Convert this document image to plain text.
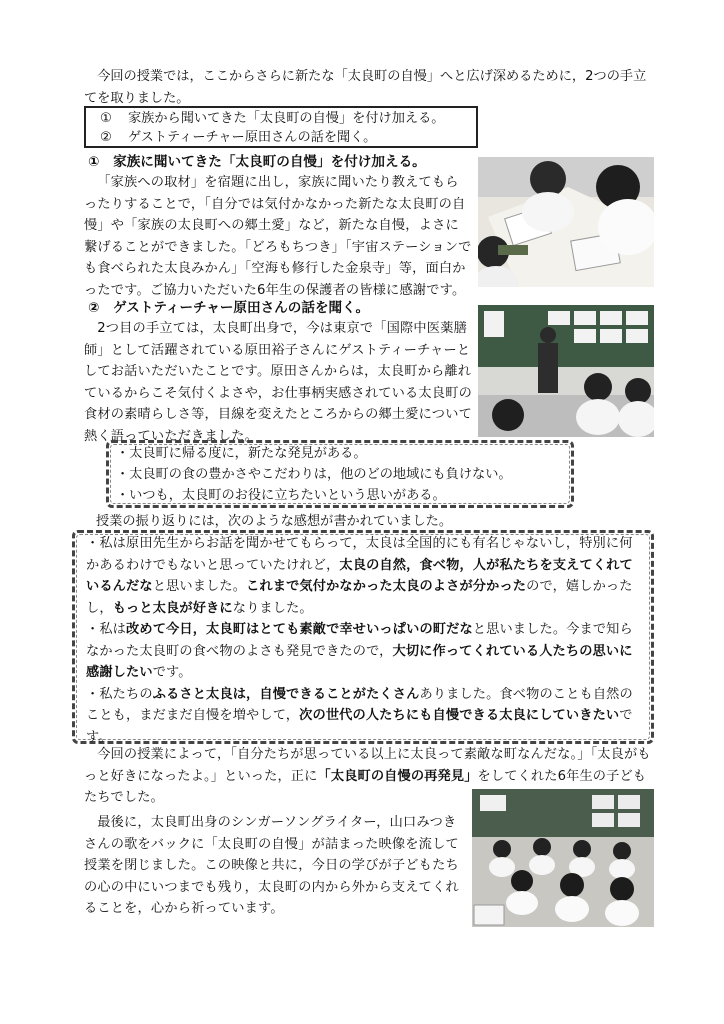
今回の授業では，ここからさらに新たな「太良町の自慢」へと広げ深めるために，2つの手立てを取りました。

① 家族から聞いてきた「太良町の自慢」を付け加える。
② ゲストティーチャー原田さんの話を聞く。
①　家族に聞いてきた「太良町の自慢」を付け加える。

「家族への取材」を宿題に出し，家族に聞いたり教えてもらったりすることで，「自分では気付かなかった新たな太良町の自慢」や「家族の太良町への郷土愛」など，新たな自慢，よさに繋げることができました。「どろもちつき」「宇宙ステーションでも食べられた太良みかん」「空海も修行した金泉寺」等，面白かったです。ご協力いただいた6年生の保護者の皆様に感謝です。

②　ゲストティーチャー原田さんの話を聞く。

2つ目の手立ては，太良町出身で，今は東京で「国際中医薬膳師」として活躍されている原田裕子さんにゲストティーチャーとしてお話いただいたことです。原田さんからは，太良町から離れているからこそ気付くよさや，お仕事柄実感されている太良町の食材の素晴らしさ等，目線を変えたところからの郷土愛について熱く語っていただきました。

・太良町に帰る度に，新たな発見がある。

・太良町の食の豊かさやこだわりは，他のどの地域にも負けない。

・いつも，太良町のお役に立ちたいという思いがある。

授業の振り返りには，次のような感想が書かれていました。

・私は原田先生からお話を聞かせてもらって，太良は全国的にも有名じゃないし，特別に何かあるわけでもないと思っていたけれど，太良の自然，食べ物，人が私たちを支えてくれているんだなと思いました。これまで気付かなかった太良のよさが分かったので，嬉しかったし，もっと太良が好きになりました。

・私は改めて今日，太良町はとても素敵で幸せいっぱいの町だなと思いました。今まで知らなかった太良町の食べ物のよさも発見できたので，大切に作ってくれている人たちの思いに感謝したいです。

・私たちのふるさと太良は，自慢できることがたくさんありました。食べ物のことも自然のことも，まだまだ自慢を増やして，次の世代の人たちにも自慢できる太良にしていきたいです。

今回の授業によって，「自分たちが思っている以上に太良って素敵な町なんだな。」「太良がもっと好きになったよ。」といった，正に「太良町の自慢の再発見」をしてくれた6年生の子どもたちでした。

最後に，太良町出身のシンガーソングライター，山口みつきさんの歌をバックに「太良町の自慢」が詰まった映像を流して授業を閉じました。この映像と共に，今日の学びが子どもたちの心の中にいつまでも残り，太良町の内から外から支えてくれることを，心から祈っています。
